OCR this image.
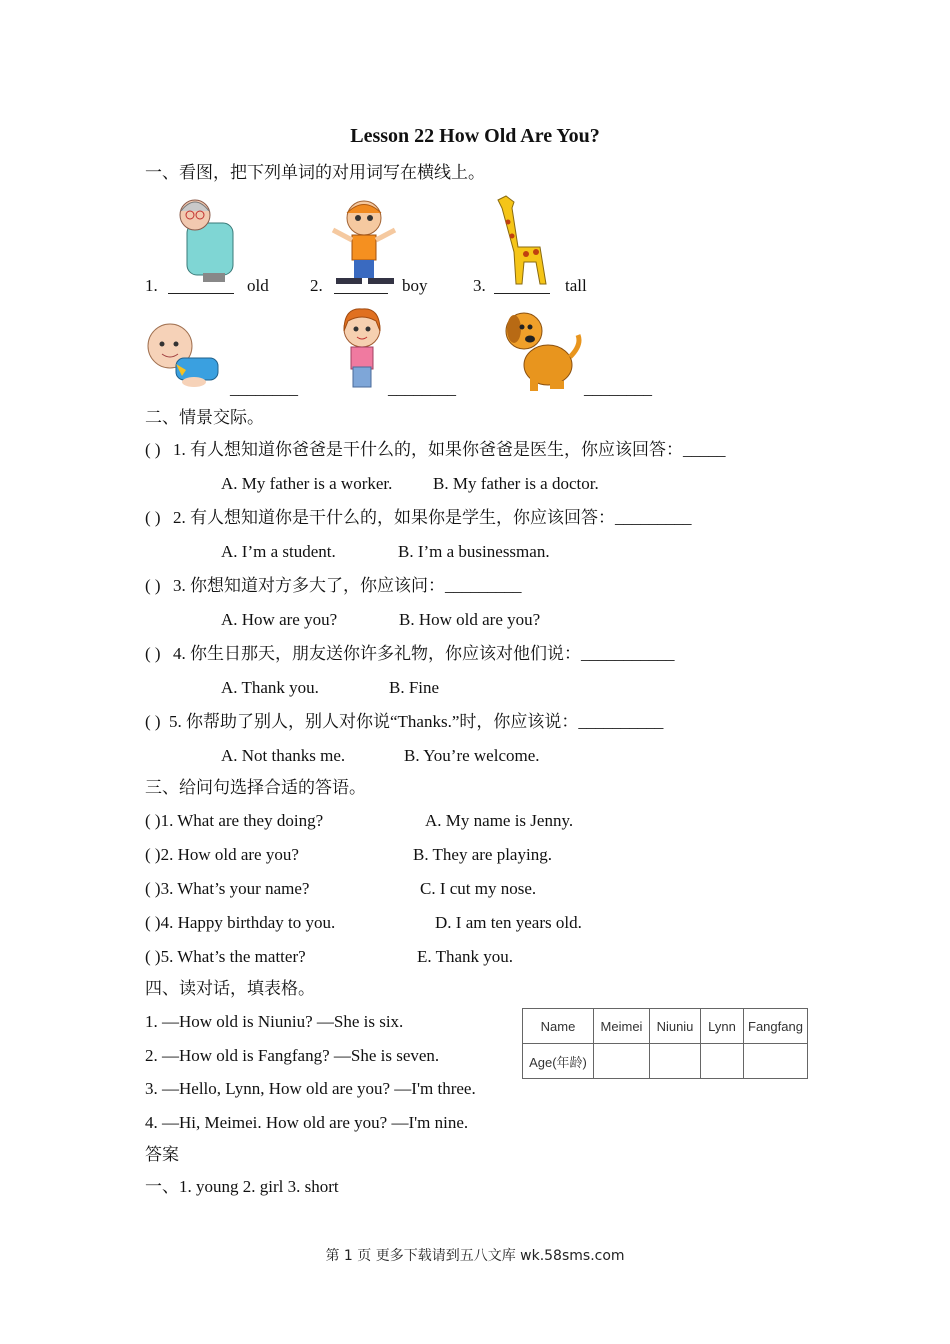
Lesson 22 How Old Are You?
一、看图，把下列单词的对用词写在横线上。
1.	old 2.	boy	3.	tall
________	________	________
二、情景交际。
( ) 1. 有人想知道你爸爸是干什么的，如果你爸爸是医生，你应该回答：_____
A. My father is a worker. B. My father is a doctor.
( ) 2. 有人想知道你是干什么的，如果你是学生，你应该回答：_________
A. I’m a student.	B. I’m a businessman.
( ) 3. 你想知道对方多大了，你应该问：_________
A. How are you?	B. How old are you?
( ) 4. 你生日那天，朋友送你许多礼物，你应该对他们说：___________
A. Thank you.	B. Fine
( ) 5. 你帮助了别人，别人对你说“Thanks.”时，你应该说：__________
A. Not thanks me.	B. You’re welcome.
三、给问句选择合适的答语。
( )1. What are they doing?	A. My name is Jenny.
( )2. How old are you?	B. They are playing.
( )3. What’s your name?	C. I cut my nose.
( )4. Happy birthday to you.	D. I am ten years old.
( )5. What’s the matter?	E. Thank you.
四、读对话，填表格。
1. —How old is Niuniu? —She is six.
2. —How old is Fangfang? —She is seven.
3. —Hello, Lynn, How old are you? —I'm three.
4. —Hi, Meimei. How old are you? —I'm nine.
Name	Meimei	Niuniu	Lynn	Fangfang
Age(年龄)				
答案
一、1. young 2. girl 3. short
第 1 页 更多下载请到五八文库 wk.58sms.com
